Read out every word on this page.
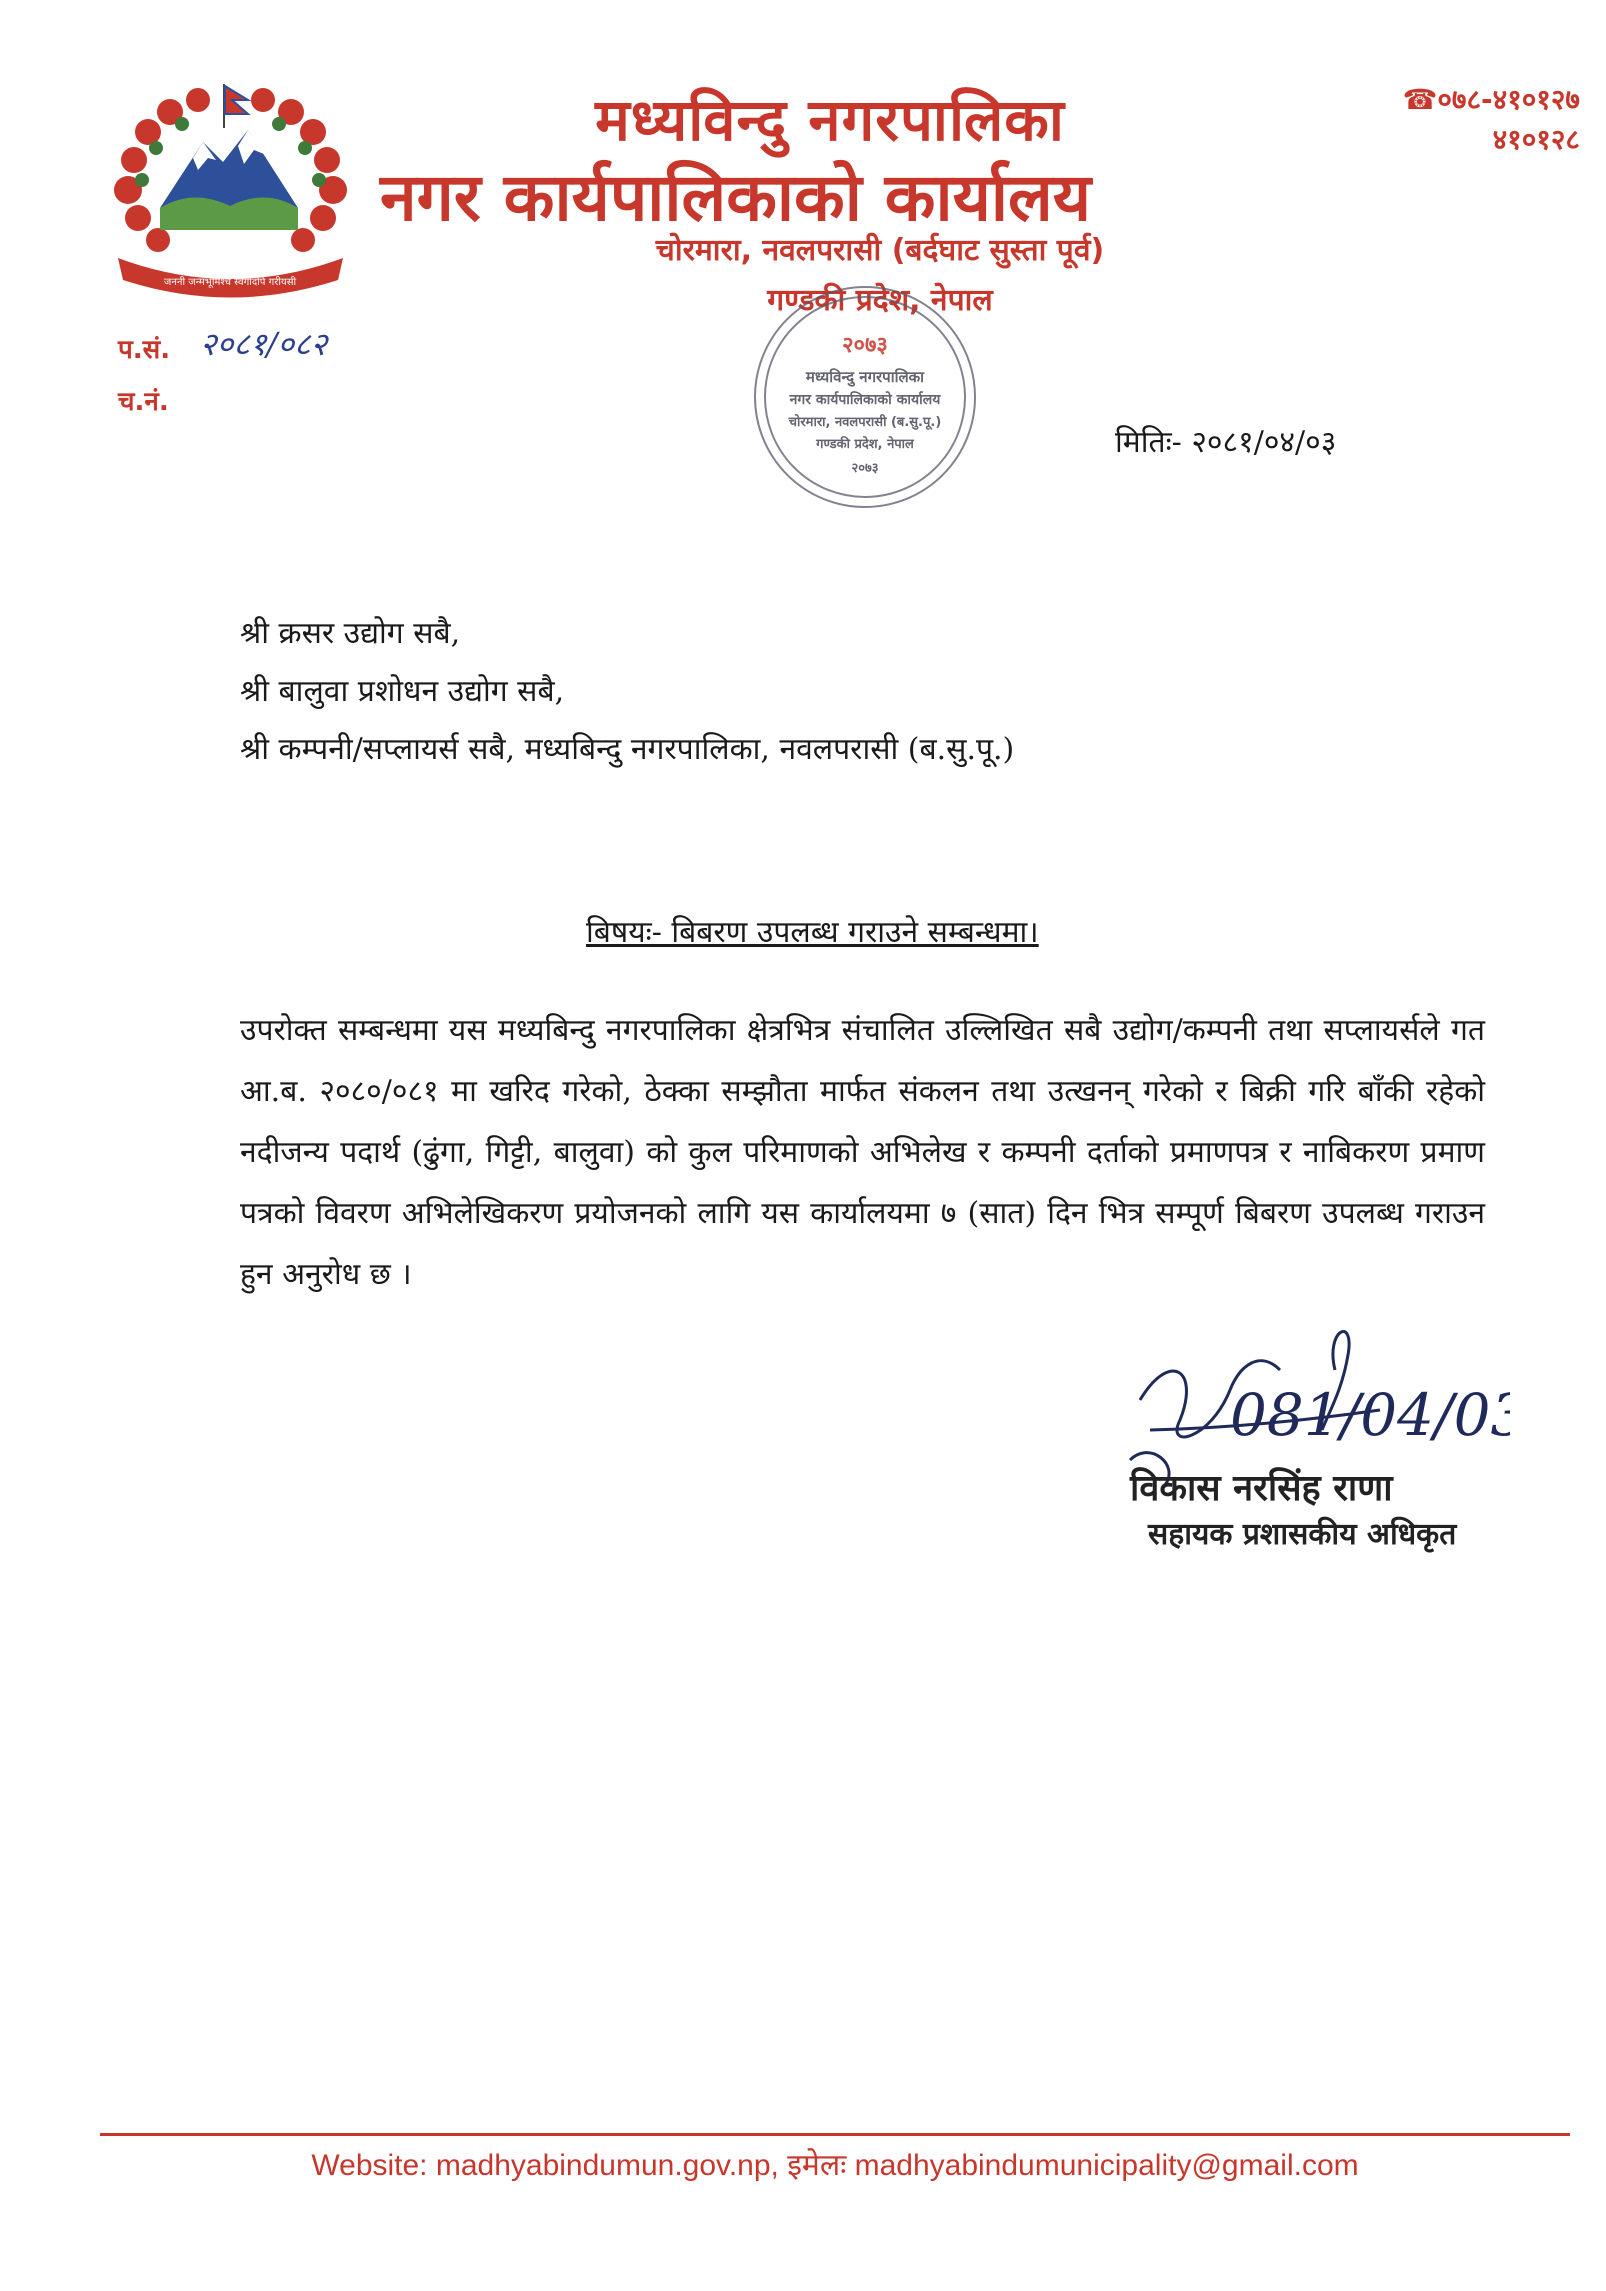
जननी जन्मभूमिश्च स्वर्गादपि गरीयसी
मध्यविन्दु नगरपालिका
नगर कार्यपालिकाको कार्यालय
चोरमारा, नवलपरासी (बर्दघाट सुस्ता पूर्व)
गण्डकी प्रदेश, नेपाल
☎०७८-४१०१२७
४१०१२८
प.सं. २०८१/०८२
च.नं.
२०७३
मध्यविन्दु नगरपालिका
नगर कार्यपालिकाको कार्यालय
चोरमारा, नवलपरासी (ब.सु.पू.)
गण्डकी प्रदेश, नेपाल
२०७३
मितिः- २०८१/०४/०३
श्री क्रसर उद्योग सबै,
श्री बालुवा प्रशोधन उद्योग सबै,
श्री कम्पनी/सप्लायर्स सबै, मध्यबिन्दु नगरपालिका, नवलपरासी (ब.सु.पू.)
बिषयः- बिबरण उपलब्ध गराउने सम्बन्धमा।
उपरोक्त सम्बन्धमा यस मध्यबिन्दु नगरपालिका क्षेत्रभित्र संचालित उल्लिखित सबै उद्योग/कम्पनी तथा सप्लायर्सले गत आ.ब. २०८०/०८१ मा खरिद गरेको, ठेक्का सम्झौता मार्फत संकलन तथा उत्खनन् गरेको र बिक्री गरि बाँकी रहेको नदीजन्य पदार्थ (ढुंगा, गिट्टी, बालुवा) को कुल परिमाणको अभिलेख र कम्पनी दर्ताको प्रमाणपत्र र नाबिकरण प्रमाण पत्रको विवरण अभिलेखिकरण प्रयोजनको लागि यस कार्यालयमा ७ (सात) दिन भित्र सम्पूर्ण बिबरण उपलब्ध गराउन हुन अनुरोध छ ।
081/04/03
विकास नरसिंह राणा
सहायक प्रशासकीय अधिकृत
Website: madhyabindumun.gov.np, इमेलः madhyabindumunicipality@gmail.com
